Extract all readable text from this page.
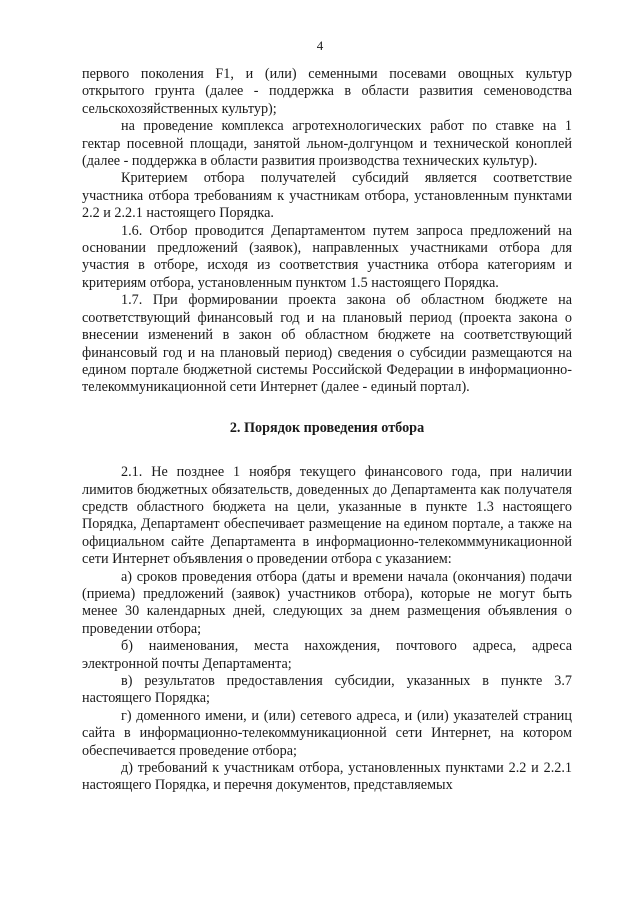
4

первого поколения F1, и (или) семенными посевами овощных культур открытого грунта (далее - поддержка в области развития семеноводства сельскохозяйственных культур);

на проведение комплекса агротехнологических работ по ставке на 1 гектар посевной площади, занятой льном-долгунцом и технической коноплей (далее - поддержка в области развития производства технических культур).

Критерием отбора получателей субсидий является соответствие участника отбора требованиям к участникам отбора, установленным пунктами 2.2 и 2.2.1 настоящего Порядка.

1.6. Отбор проводится Департаментом путем запроса предложений на основании предложений (заявок), направленных участниками отбора для участия в отборе, исходя из соответствия участника отбора категориям и критериям отбора, установленным пунктом 1.5 настоящего Порядка.

1.7. При формировании проекта закона об областном бюджете на соответствующий финансовый год и на плановый период (проекта закона о внесении изменений в закон об областном бюджете на соответствующий финансовый год и на плановый период) сведения о субсидии размещаются на едином портале бюджетной системы Российской Федерации в информационно-телекоммуникационной сети Интернет (далее - единый портал).

2. Порядок проведения отбора

2.1. Не позднее 1 ноября текущего финансового года, при наличии лимитов бюджетных обязательств, доведенных до Департамента как получателя средств областного бюджета на цели, указанные в пункте 1.3 настоящего Порядка, Департамент обеспечивает размещение на едином портале, а также на официальном сайте Департамента в информационно-телекомммуникационной сети Интернет объявления о проведении отбора с указанием:

а) сроков проведения отбора (даты и времени начала (окончания) подачи (приема) предложений (заявок) участников отбора), которые не могут быть менее 30 календарных дней, следующих за днем размещения объявления о проведении отбора;

б) наименования, места нахождения, почтового адреса, адреса электронной почты Департамента;

в) результатов предоставления субсидии, указанных в пункте 3.7 настоящего Порядка;

г) доменного имени, и (или) сетевого адреса, и (или) указателей страниц сайта в информационно-телекоммуникационной сети Интернет, на котором обеспечивается проведение отбора;

д) требований к участникам отбора, установленных пунктами 2.2 и 2.2.1 настоящего Порядка, и перечня документов, представляемых
